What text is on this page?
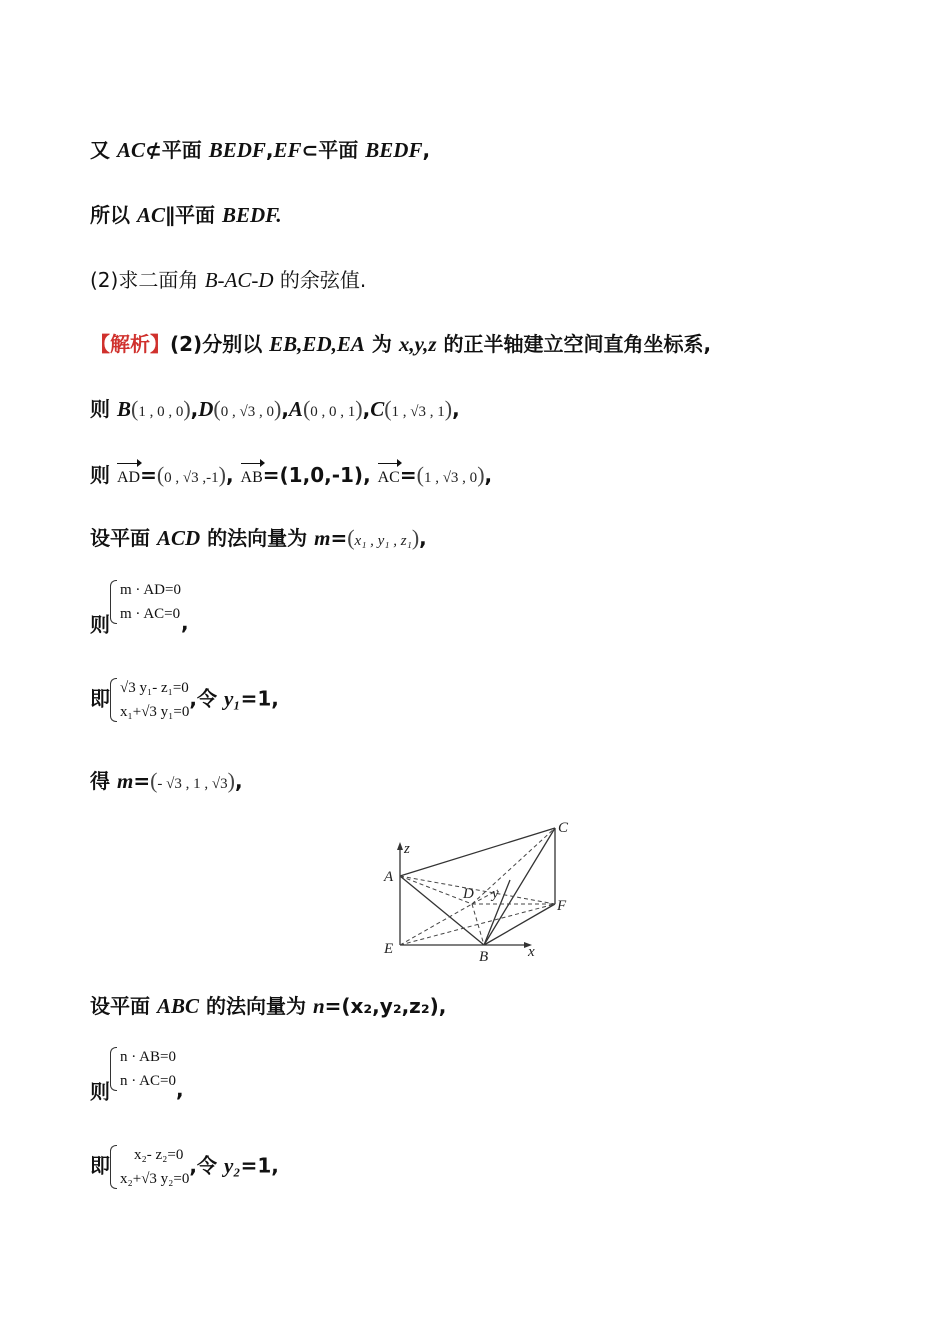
又 AC⊄平面 BEDF,EF⊂平面 BEDF,
所以 AC∥平面 BEDF.
(2)求二面角 B-AC-D 的余弦值.
【解析】(2)分别以 EB,ED,EA 为 x,y,z 的正半轴建立空间直角坐标系,
则 B(1 , 0 , 0),D(0 , √3 , 0),A(0 , 0 , 1),C(1 , √3 , 1),
则 AD=(0 , √3 ,-1), AB=(1,0,-1), AC=(1 , √3 , 0),
设平面 ACD 的法向量为 m=(x₁ , y₁ , z₁),
则
m · AD=0
m · AC=0 ,
即 √3 y₁- z₁=0
x₁+√3 y₁=0
,令 y₁=1,
得 m=(- √3 , 1 , √3),
z
A
C
D y
F
E	B	x
设平面 ABC 的法向量为 n=(x₂,y₂,z₂),
则
n · AB=0
n · AC=0 ,
即	x₂- z₂=0
x₂+√3 y₂=0
,令 y₂=1,
